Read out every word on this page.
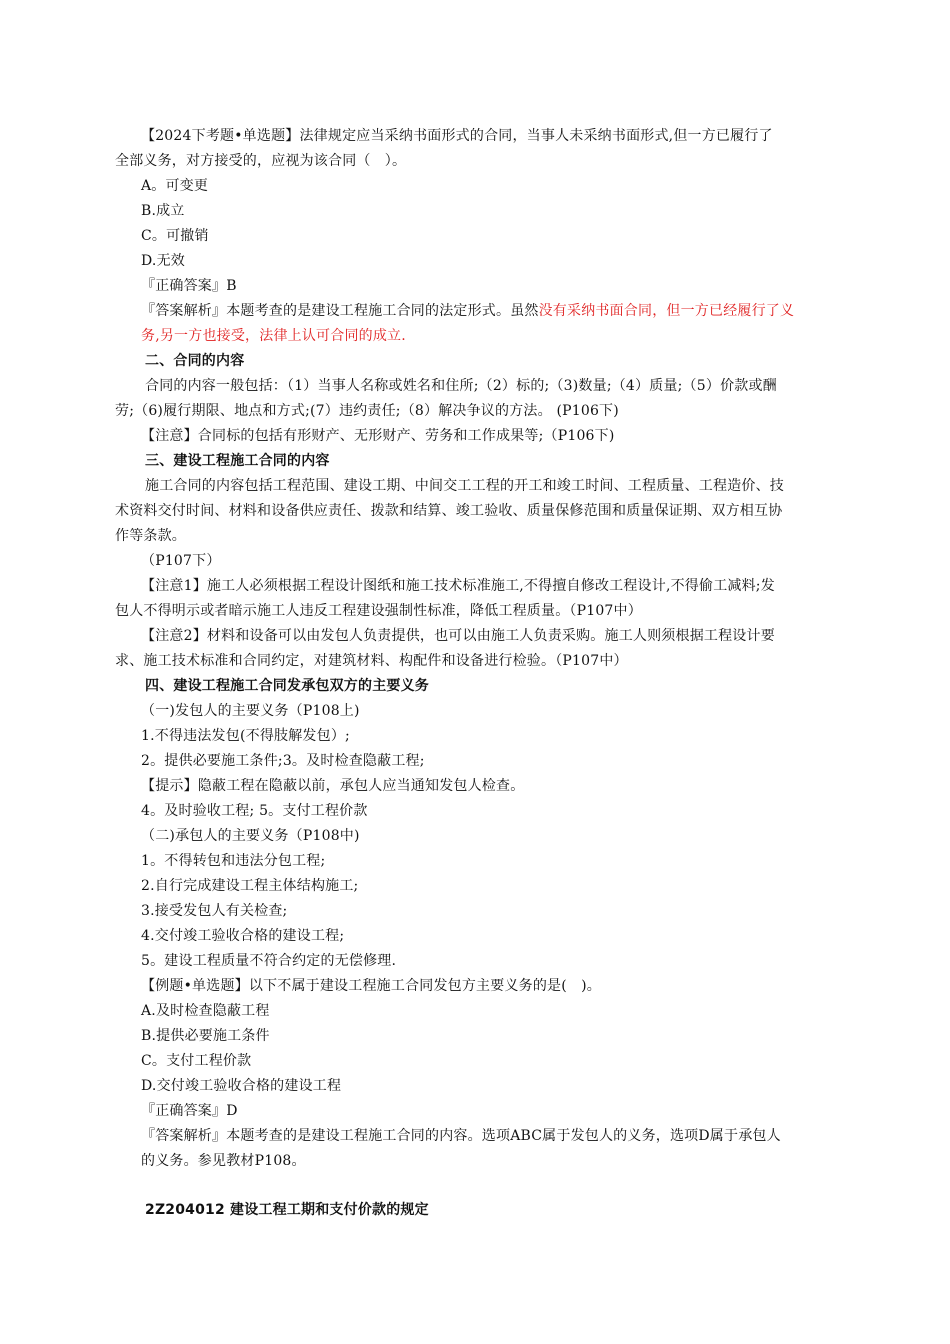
【2024下考题•单选题】法律规定应当采纳书面形式的合同，当事人未采纳书面形式,但一方已履行了
全部义务，对方接受的，应视为该合同（　）。
A。可变更
B.成立
C。可撤销
D.无效
『正确答案』B
『答案解析』本题考查的是建设工程施工合同的法定形式。虽然没有采纳书面合同，但一方已经履行了义
务,另一方也接受，法律上认可合同的成立.
二、合同的内容
合同的内容一般包括：（1）当事人名称或姓名和住所;（2）标的;（3)数量;（4）质量;（5）价款或酬
劳;（6)履行期限、地点和方式;(7）违约责任;（8）解决争议的方法。 (P106下)
【注意】合同标的包括有形财产、无形财产、劳务和工作成果等;（P106下)
三、建设工程施工合同的内容
施工合同的内容包括工程范围、建设工期、中间交工工程的开工和竣工时间、工程质量、工程造价、技
术资料交付时间、材料和设备供应责任、拨款和结算、竣工验收、质量保修范围和质量保证期、双方相互协
作等条款。
（P107下）
【注意1】施工人必须根据工程设计图纸和施工技术标准施工,不得擅自修改工程设计,不得偷工减料;发
包人不得明示或者暗示施工人违反工程建设强制性标准，降低工程质量。（P107中）
【注意2】材料和设备可以由发包人负责提供，也可以由施工人负责采购。施工人则须根据工程设计要
求、施工技术标准和合同约定，对建筑材料、构配件和设备进行检验。（P107中）
四、建设工程施工合同发承包双方的主要义务
（一)发包人的主要义务（P108上)
1.不得违法发包(不得肢解发包）;
2。提供必要施工条件;3。及时检查隐蔽工程;
【提示】隐蔽工程在隐蔽以前，承包人应当通知发包人检查。
4。及时验收工程; 5。支付工程价款
（二)承包人的主要义务（P108中)
1。不得转包和违法分包工程;
2.自行完成建设工程主体结构施工;
3.接受发包人有关检查;
4.交付竣工验收合格的建设工程;
5。建设工程质量不符合约定的无偿修理.
【例题•单选题】以下不属于建设工程施工合同发包方主要义务的是(　)。
A.及时检查隐蔽工程
B.提供必要施工条件
C。支付工程价款
D.交付竣工验收合格的建设工程
『正确答案』D
『答案解析』本题考查的是建设工程施工合同的内容。选项ABC属于发包人的义务，选项D属于承包人
的义务。参见教材P108。
2Z204012 建设工程工期和支付价款的规定
